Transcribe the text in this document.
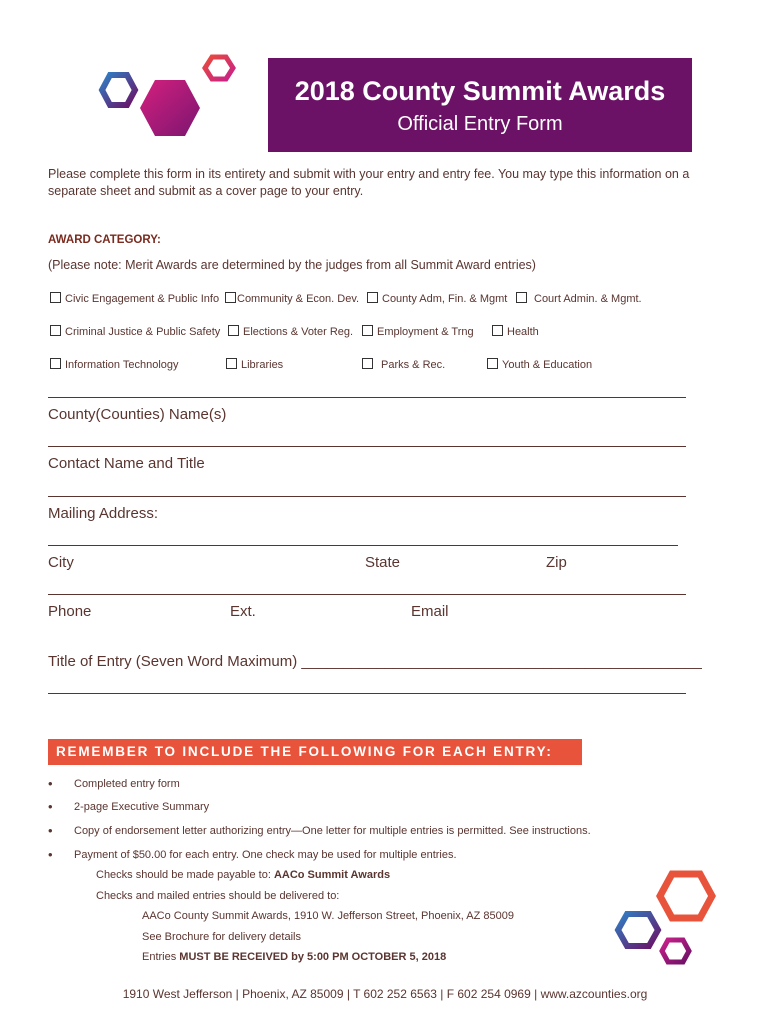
2018 County Summit Awards
Official Entry Form
Please complete this form in its entirety and submit with your entry and entry fee. You may type this information on a separate sheet and submit as a cover page to your entry.
AWARD CATEGORY:
(Please note: Merit Awards are determined by the judges from all Summit Award entries)
Civic Engagement & Public Info	Community & Econ. Dev.	County Adm, Fin. & Mgmt	Court Admin. & Mgmt.
Criminal Justice & Public Safety	Elections & Voter Reg.	Employment & Trng	Health
Information Technology	Libraries	Parks & Rec.	Youth & Education
County(Counties) Name(s)
Contact Name and Title
Mailing Address:
City	State	Zip
Phone	Ext.	Email
Title of Entry (Seven Word Maximum) ________________________________________________
REMEMBER TO INCLUDE THE FOLLOWING FOR EACH ENTRY:
• Completed entry form
• 2-page Executive Summary
• Copy of endorsement letter authorizing entry—One letter for multiple entries is permitted. See instructions.
• Payment of $50.00 for each entry. One check may be used for multiple entries.
Checks should be made payable to: AACo Summit Awards
Checks and mailed entries should be delivered to:
AACo County Summit Awards, 1910 W. Jefferson Street, Phoenix, AZ 85009
See Brochure for delivery details
Entries MUST BE RECEIVED by 5:00 PM OCTOBER 5, 2018
1910 West Jefferson | Phoenix, AZ 85009 | T 602 252 6563 | F 602 254 0969 | www.azcounties.org
